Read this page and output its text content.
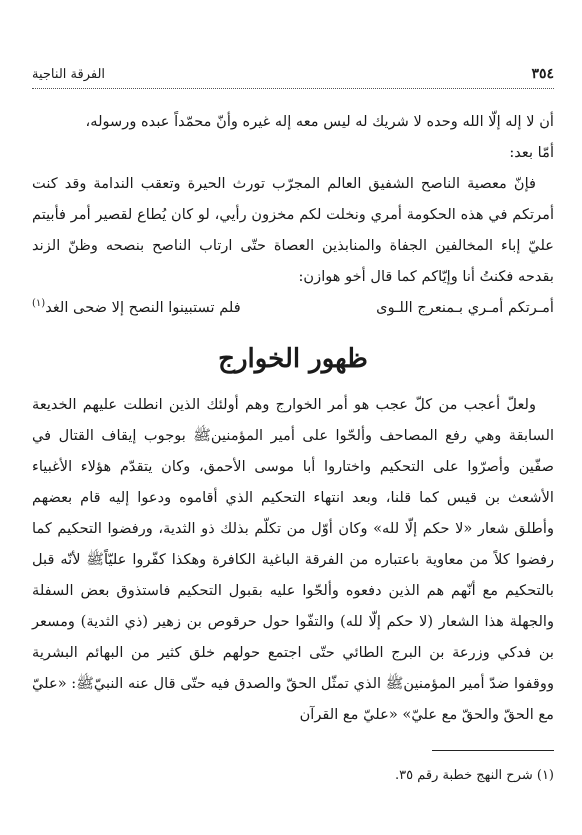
٣٥٤
الفرقة الناجية

أن لا إله إلّا الله وحده لا شريك له ليس معه إله غيره وأنّ محمّداً عبده ورسوله،

أمّا بعد:

فإنّ معصية الناصح الشفيق العالم المجرّب تورث الحيرة وتعقب الندامة وقد كنت أمرتكم في هذه الحكومة أمري ونخلت لكم مخزون رأيي، لو كان يُطاع لقصير أمر فأبيتم عليّ إباء المخالفين الجفاة والمنابذين العصاة حتّى ارتاب الناصح بنصحه وظنّ الزند بقدحه فكنتُ أنا وإيّاكم كما قال أخو هوازن:

أمـرتكم أمـري بـمنعرج اللـوى
فلم تستبينوا النصح إلا ضحى الغد$^{(١)}$
ظهور الخوارج

ولعلّ أعجب من كلّ عجب هو أمر الخوارج وهم أولئك الذين انطلت عليهم الخديعة السابقة وهي رفع المصاحف وألحّوا على أمير المؤمنينﷺ بوجوب إيقاف القتال في صفّين وأصرّوا على التحكيم واختاروا أبا موسى الأحمق، وكان يتقدّم هؤلاء الأغبياء الأشعث بن قيس كما قلنا، وبعد انتهاء التحكيم الذي أقاموه ودعوا إليه قام بعضهم وأطلق شعار «لا حكم إلّا لله» وكان أوّل من تكلّم بذلك ذو الثدية، ورفضوا التحكيم كما رفضوا كلاً من معاوية باعتباره من الفرقة الباغية الكافرة وهكذا كفّروا عليّاًﷺ لأنّه قبل بالتحكيم مع أنّهم هم الذين دفعوه وألحّوا عليه بقبول التحكيم فاستذوق بعض السفلة والجهلة هذا الشعار (لا حكم إلّا لله) والتفّوا حول حرقوص بن زهير (ذي الثدية) ومسعر بن فدكي وزرعة بن البرج الطائي حتّى اجتمع حولهم خلق كثير من البهائم البشرية ووقفوا ضدّ أمير المؤمنينﷺ الذي تمثّل الحقّ والصدق فيه حتّى قال عنه النبيّﷺ: «عليّ مع الحقّ والحقّ مع عليّ» «عليّ مع القرآن

(١) شرح النهج خطبة رقم ٣٥.
